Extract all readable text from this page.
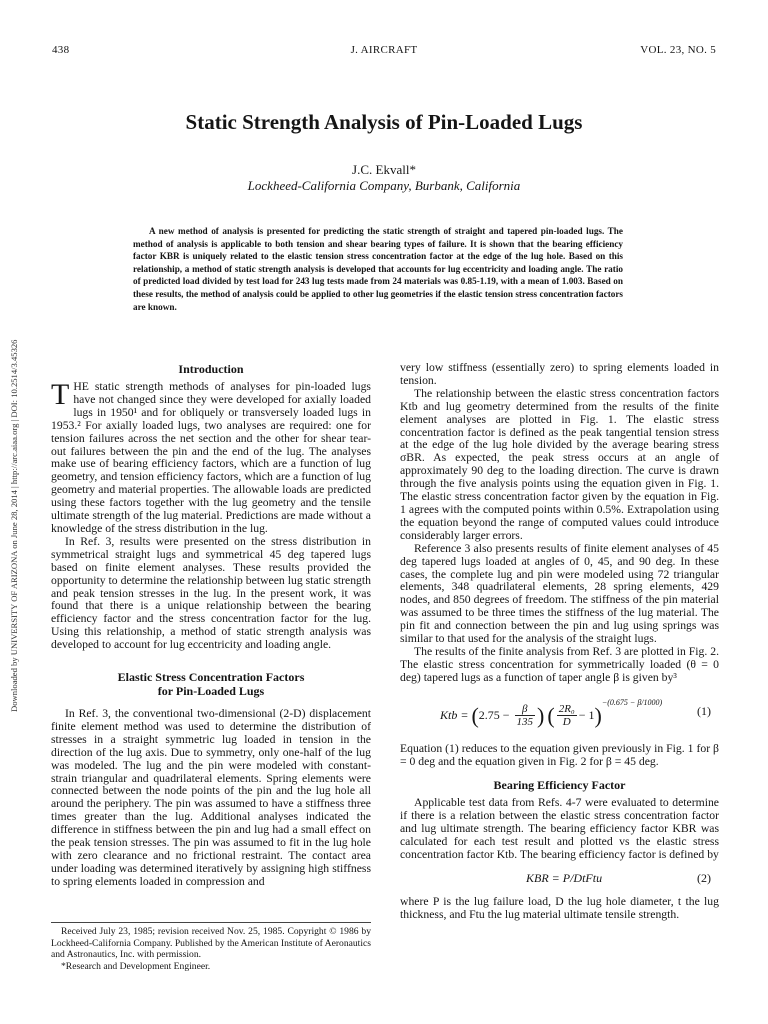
438	J. AIRCRAFT	VOL. 23, NO. 5
Downloaded by UNIVERSITY OF ARIZONA on June 28, 2014 | http://arc.aiaa.org | DOI: 10.2514/3.45326
Static Strength Analysis of Pin-Loaded Lugs
J.C. Ekvall*
Lockheed-California Company, Burbank, California

A new method of analysis is presented for predicting the static strength of straight and tapered pin-loaded lugs. The method of analysis is applicable to both tension and shear bearing types of failure. It is shown that the bearing efficiency factor KBR is uniquely related to the elastic tension stress concentration factor at the edge of the lug hole. Based on this relationship, a method of static strength analysis is developed that accounts for lug eccentricity and loading angle. The ratio of predicted load divided by test load for 243 lug tests made from 24 materials was 0.85-1.19, with a mean of 1.003. Based on these results, the method of analysis could be applied to other lug geometries if the elastic tension stress concentration factors are known.

Introduction

THE static strength methods of analyses for pin-loaded lugs have not changed since they were developed for axially loaded lugs in 1950¹ and for obliquely or transversely loaded lugs in 1953.² For axially loaded lugs, two analyses are required: one for tension failures across the net section and the other for shear tear-out failures between the pin and the end of the lug. The analyses make use of bearing efficiency factors, which are a function of lug geometry, and tension efficiency factors, which are a function of lug geometry and material properties. The allowable loads are predicted using these factors together with the lug geometry and the tensile ultimate strength of the lug material. Predictions are made without a knowledge of the stress distribution in the lug.

In Ref. 3, results were presented on the stress distribution in symmetrical straight lugs and symmetrical 45 deg tapered lugs based on finite element analyses. These results provided the opportunity to determine the relationship between lug static strength and peak tension stresses in the lug. In the present work, it was found that there is a unique relationship between the bearing efficiency factor and the stress concentration factor for the lug. Using this relationship, a method of static strength analysis was developed to account for lug eccentricity and loading angle.

Elastic Stress Concentration Factors
for Pin-Loaded Lugs

In Ref. 3, the conventional two-dimensional (2-D) displacement finite element method was used to determine the distribution of stresses in a straight symmetric lug loaded in tension in the direction of the lug axis. Due to symmetry, only one-half of the lug was modeled. The lug and the pin were modeled with constant-strain triangular and quadrilateral elements. Spring elements were connected between the node points of the pin and the lug hole all around the periphery. The pin was assumed to have a stiffness three times greater than the lug. Additional analyses indicated the difference in stiffness between the pin and lug had a small effect on the peak tension stresses. The pin was assumed to fit in the lug hole with zero clearance and no frictional restraint. The contact area under loading was determined iteratively by assigning high stiffness to spring elements loaded in compression and

very low stiffness (essentially zero) to spring elements loaded in tension.

The relationship between the elastic stress concentration factors Ktb and lug geometry determined from the results of the finite element analyses are plotted in Fig. 1. The elastic stress concentration factor is defined as the peak tangential tension stress at the edge of the lug hole divided by the average bearing stress σBR. As expected, the peak stress occurs at an angle of approximately 90 deg to the loading direction. The curve is drawn through the five analysis points using the equation given in Fig. 1. The elastic stress concentration factor given by the equation in Fig. 1 agrees with the computed points within 0.5%. Extrapolation using the equation beyond the range of computed values could introduce considerably larger errors.

Reference 3 also presents results of finite element analyses of 45 deg tapered lugs loaded at angles of 0, 45, and 90 deg. In these cases, the complete lug and pin were modeled using 72 triangular elements, 348 quadrilateral elements, 28 spring elements, 429 nodes, and 850 degrees of freedom. The stiffness of the pin material was assumed to be three times the stiffness of the lug material. The pin fit and connection between the pin and lug using springs was similar to that used for the analysis of the straight lugs.

The results of the finite analysis from Ref. 3 are plotted in Fig. 2. The elastic stress concentration for symmetrically loaded (θ = 0 deg) tapered lugs as a function of taper angle β is given by³

Ktb = ($2.75 - \frac{\beta}{135}$ ) ( $\frac{\text{2R₀}}{D} - 1)^{-(0.675 - \beta/1000)}$
(1)

Equation (1) reduces to the equation given previously in Fig. 1 for β = 0 deg and the equation given in Fig. 2 for β = 45 deg.

Bearing Efficiency Factor

Applicable test data from Refs. 4-7 were evaluated to determine if there is a relation between the elastic stress concentration factor and lug ultimate strength. The bearing efficiency factor KBR was calculated for each test result and plotted vs the elastic stress concentration factor Ktb. The bearing efficiency factor is defined by

KBR = P/DtFtu	(2)

where P is the lug failure load, D the lug hole diameter, t the lug thickness, and Ftu the lug material ultimate tensile strength.

Received July 23, 1985; revision received Nov. 25, 1985. Copyright © 1986 by Lockheed-California Company. Published by the American Institute of Aeronautics and Astronautics, Inc. with permission.

*Research and Development Engineer.
